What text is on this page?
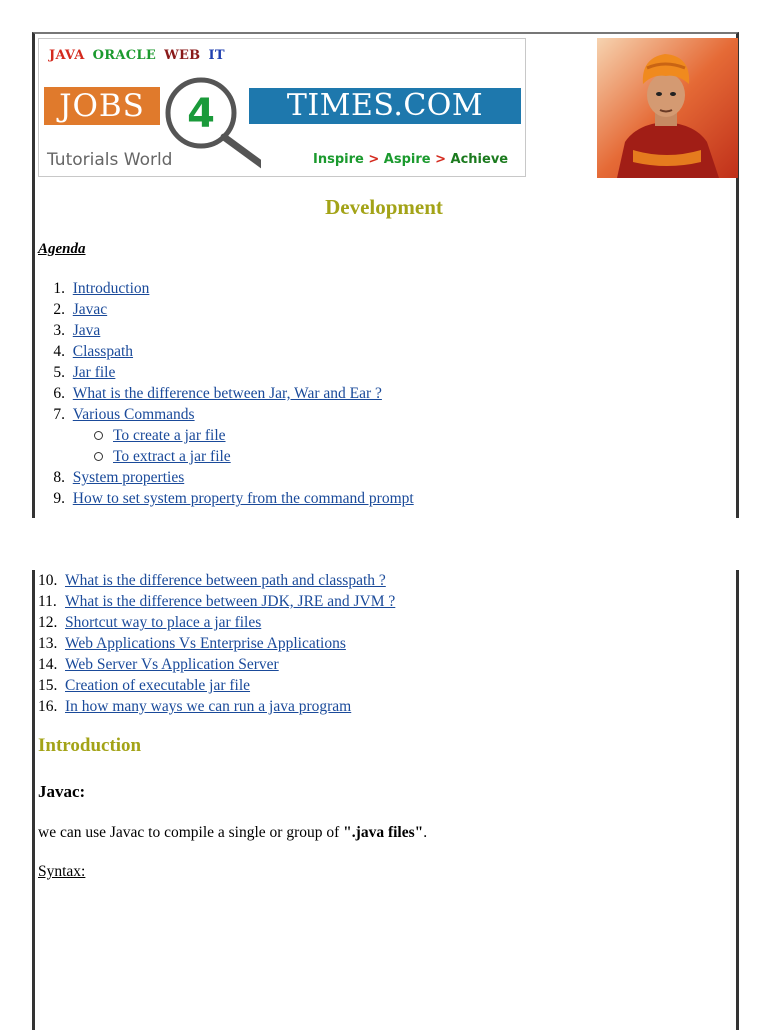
JAVA ORACLE WEB IT
JOBS	4	TIMES.COM
Tutorials World	Inspire > Aspire > Achieve
Development
Agenda
1. Introduction
2. Javac
3. Java
4. Classpath
5. Jar file
6. What is the difference between Jar, War and Ear ?
7. Various Commands
To create a jar file
To extract a jar file
8. System properties
9. How to set system property from the command prompt
10. What is the difference between path and classpath ?
11. What is the difference between JDK, JRE and JVM ?
12. Shortcut way to place a jar files
13. Web Applications Vs Enterprise Applications
14. Web Server Vs Application Server
15. Creation of executable jar file
16. In how many ways we can run a java program
Introduction
Javac:
we can use Javac to compile a single or group of ".java files".
Syntax:
